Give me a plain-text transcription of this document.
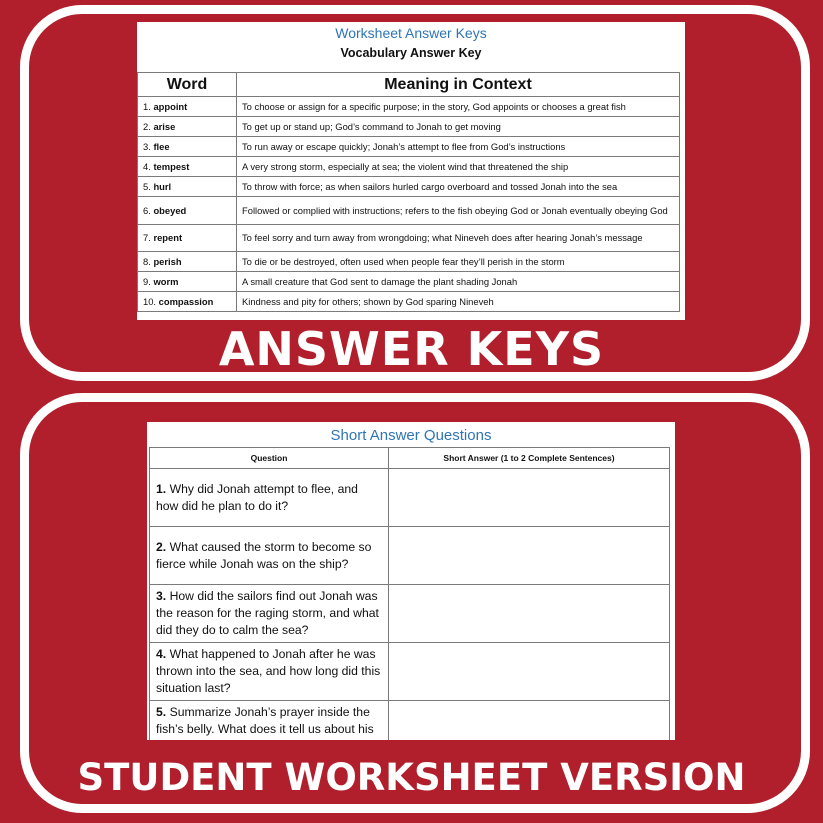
Worksheet Answer Keys
Vocabulary Answer Key
Word	Meaning in Context
1. appoint	To choose or assign for a specific purpose; in the story, God appoints or chooses a great fish
2. arise	To get up or stand up; God’s command to Jonah to get moving
3. flee	To run away or escape quickly; Jonah’s attempt to flee from God’s instructions
4. tempest	A very strong storm, especially at sea; the violent wind that threatened the ship
5. hurl	To throw with force; as when sailors hurled cargo overboard and tossed Jonah into the sea
6. obeyed	Followed or complied with instructions; refers to the fish obeying God or Jonah eventually obeying God
7. repent	To feel sorry and turn away from wrongdoing; what Nineveh does after hearing Jonah’s message
8. perish	To die or be destroyed, often used when people fear they’ll perish in the storm
9. worm	A small creature that God sent to damage the plant shading Jonah
10. compassion	Kindness and pity for others; shown by God sparing Nineveh
ANSWER KEYS
Short Answer Questions
Question	Short Answer (1 to 2 Complete Sentences)
1. Why did Jonah attempt to flee, and how did he plan to do it?	
2. What caused the storm to become so fierce while Jonah was on the ship?	
3. How did the sailors find out Jonah was the reason for the raging storm, and what did they do to calm the sea?	
4. What happened to Jonah after he was thrown into the sea, and how long did this situation last?	
5. Summarize Jonah’s prayer inside the fish’s belly. What does it tell us about his	
STUDENT WORKSHEET VERSION
